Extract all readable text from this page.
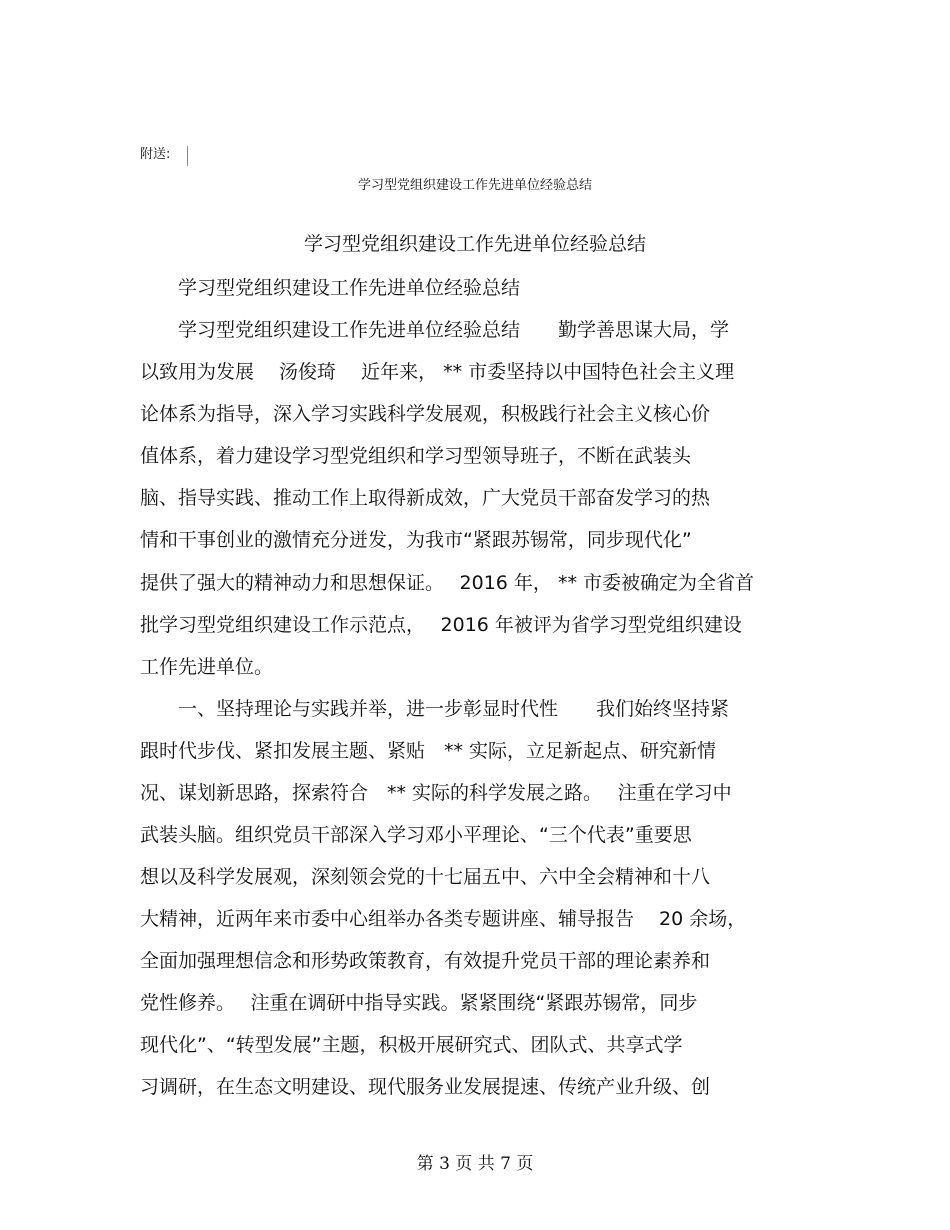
附送:
学习型党组织建设工作先进单位经验总结
学习型党组织建设工作先进单位经验总结
　　学习型党组织建设工作先进单位经验总结
　　学习型党组织建设工作先进单位经验总结　　勤学善思谋大局，学
以致用为发展　 汤俊琦　 近年来， ** 市委坚持以中国特色社会主义理
论体系为指导，深入学习实践科学发展观，积极践行社会主义核心价
值体系，着力建设学习型党组织和学习型领导班子，不断在武装头
脑、指导实践、推动工作上取得新成效，广大党员干部奋发学习的热
情和干事创业的激情充分迸发，为我市“紧跟苏锡常，同步现代化”
提供了强大的精神动力和思想保证。　 2016 年， ** 市委被确定为全省首
批学习型党组织建设工作示范点，　 2016 年被评为省学习型党组织建设
工作先进单位。
　　一、坚持理论与实践并举，进一步彰显时代性　　我们始终坚持紧
跟时代步伐、紧扣发展主题、紧贴　** 实际，立足新起点、研究新情
况、谋划新思路，探索符合　** 实际的科学发展之路。　 注重在学习中
武装头脑。组织党员干部深入学习邓小平理论、“三个代表”重要思
想以及科学发展观，深刻领会党的十七届五中、六中全会精神和十八
大精神，近两年来市委中心组举办各类专题讲座、辅导报告　 20 余场，
全面加强理想信念和形势政策教育，有效提升党员干部的理论素养和
党性修养。　 注重在调研中指导实践。紧紧围绕“紧跟苏锡常，同步
现代化”、“转型发展”主题，积极开展研究式、团队式、共享式学
习调研，在生态文明建设、现代服务业发展提速、传统产业升级、创
第 3 页 共 7 页
